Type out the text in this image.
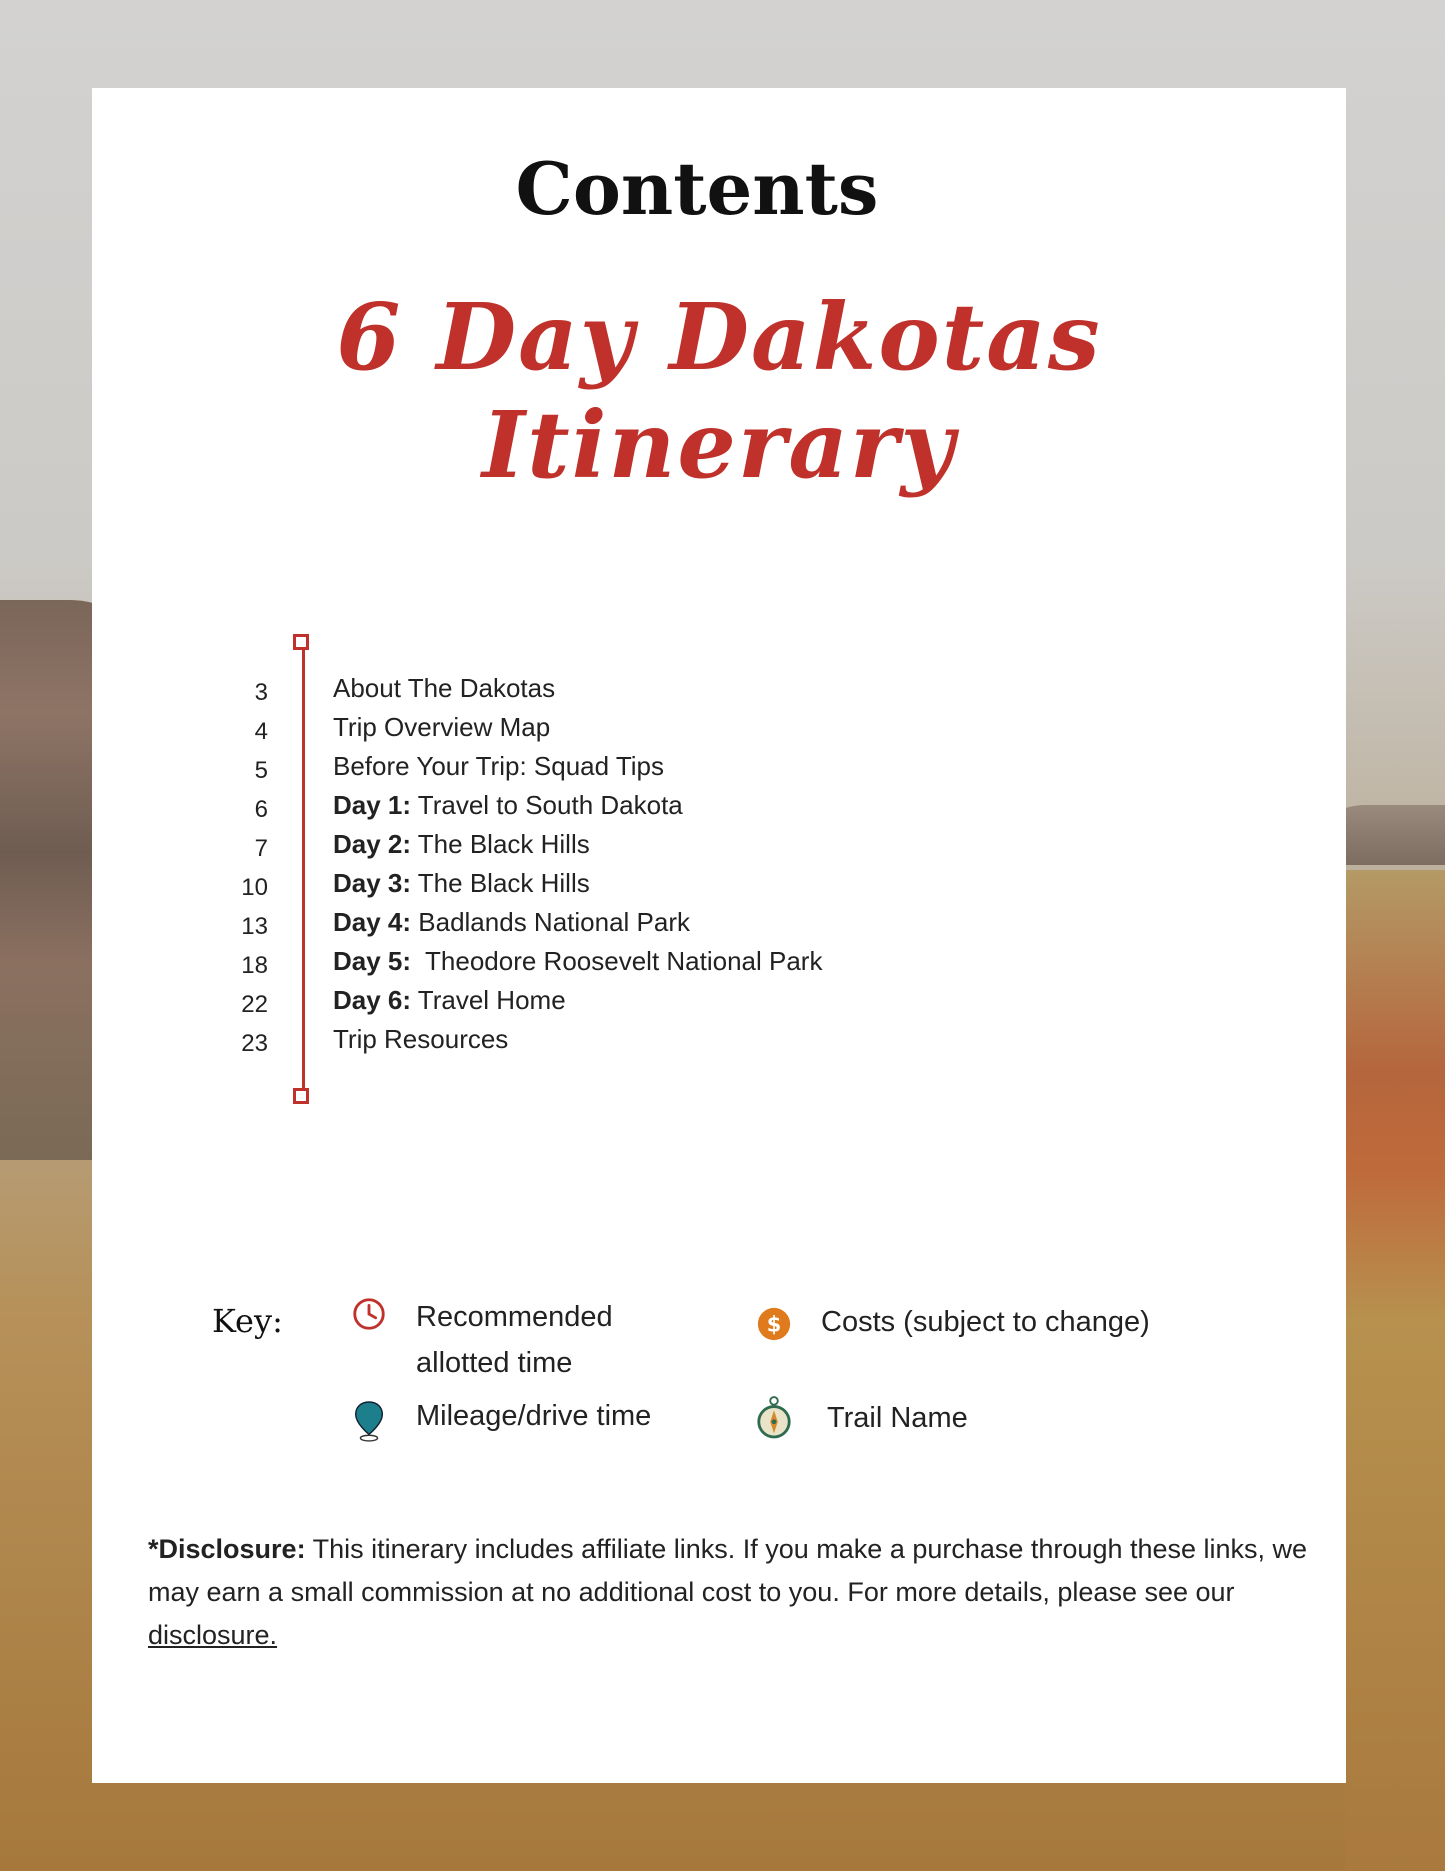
Contents
6 Day Dakotas Itinerary
3	About The Dakotas
4	Trip Overview Map
5	Before Your Trip: Squad Tips
6	Day 1: Travel to South Dakota
7	Day 2: The Black Hills
10	Day 3: The Black Hills
13	Day 4: Badlands National Park
18	Day 5:  Theodore Roosevelt National Park
22	Day 6: Travel Home
23	Trip Resources
Key:	Recommended
allotted time
$ Costs (subject to change)
Mileage/drive time	Trail Name

*Disclosure: This itinerary includes affiliate links. If you make a purchase through these links, we may earn a small commission at no additional cost to you. For more details, please see our disclosure.
